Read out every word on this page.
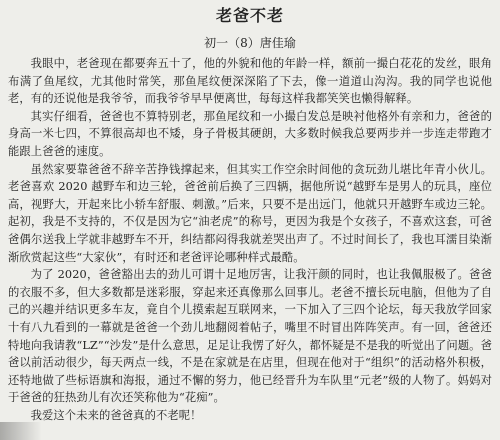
老爸不老
初一（8）唐佳瑜

我眼中，老爸现在都要奔五十了，他的外貌和他的年龄一样，额前一撮白花花的发丝，眼角布满了鱼尾纹，尤其他时常笑，那鱼尾纹便深深陷了下去，像一道道山沟沟。我的同学也说他老，有的还说他是我爷爷，而我爷爷早早便离世，每每这样我都笑笑也懒得解释。

其实仔细看，爸爸也不算特别老，那鱼尾纹和一小撮白发总是映衬他格外有亲和力，爸爸的身高一米七四，不算很高却也不矮，身子骨极其硬朗，大多数时候我总要两步并一步连走带跑才能跟上爸爸的速度。

虽然家要靠爸爸不辞辛苦挣钱撑起来，但其实工作空余时间他的贪玩劲儿堪比年青小伙儿。老爸喜欢 2020 越野车和边三轮，爸爸前后换了三四辆，据他所说“越野车是男人的玩具，座位高，视野大，开起来比小轿车舒服、刺激。”后来，只要不是出远门，他就只开越野车或边三轮。起初，我是不支持的，不仅是因为它“油老虎”的称号，更因为我是个女孩子，不喜欢这套，可爸爸偶尔送我上学就非越野车不开，纠结都闷得我就差哭出声了。不过时间长了，我也耳濡目染渐渐欣赏起这些“大家伙”，有时还和老爸评论哪种样式最酷。

为了 2020，爸爸豁出去的劲儿可谓十足地厉害，让我汗颜的同时，也让我佩服极了。爸爸的衣服不多，但大多数都是迷彩服，穿起来还真像那么回事儿。老爸不擅长玩电脑，但他为了自己的兴趣并结识更多车友，竟自个儿摸索起互联网来，一下加入了三四个论坛，每天我放学回家十有八九看到的一幕就是爸爸一个劲儿地翻阅着帖子，嘴里不时冒出阵阵笑声。有一回，爸爸还特地向我请教“LZ”“沙发”是什么意思，足足让我愣了好久，都怀疑是不是我的听觉出了问题。爸爸以前活动很少，每天两点一线，不是在家就是在店里，但现在他对于“组织”的活动格外积极，还特地做了些标语旗和海报，通过不懈的努力，他已经晋升为车队里“元老”级的人物了。妈妈对于爸爸的狂热劲儿有次还笑称他为“花痴”。

我爱这个未来的爸爸真的不老呢！
